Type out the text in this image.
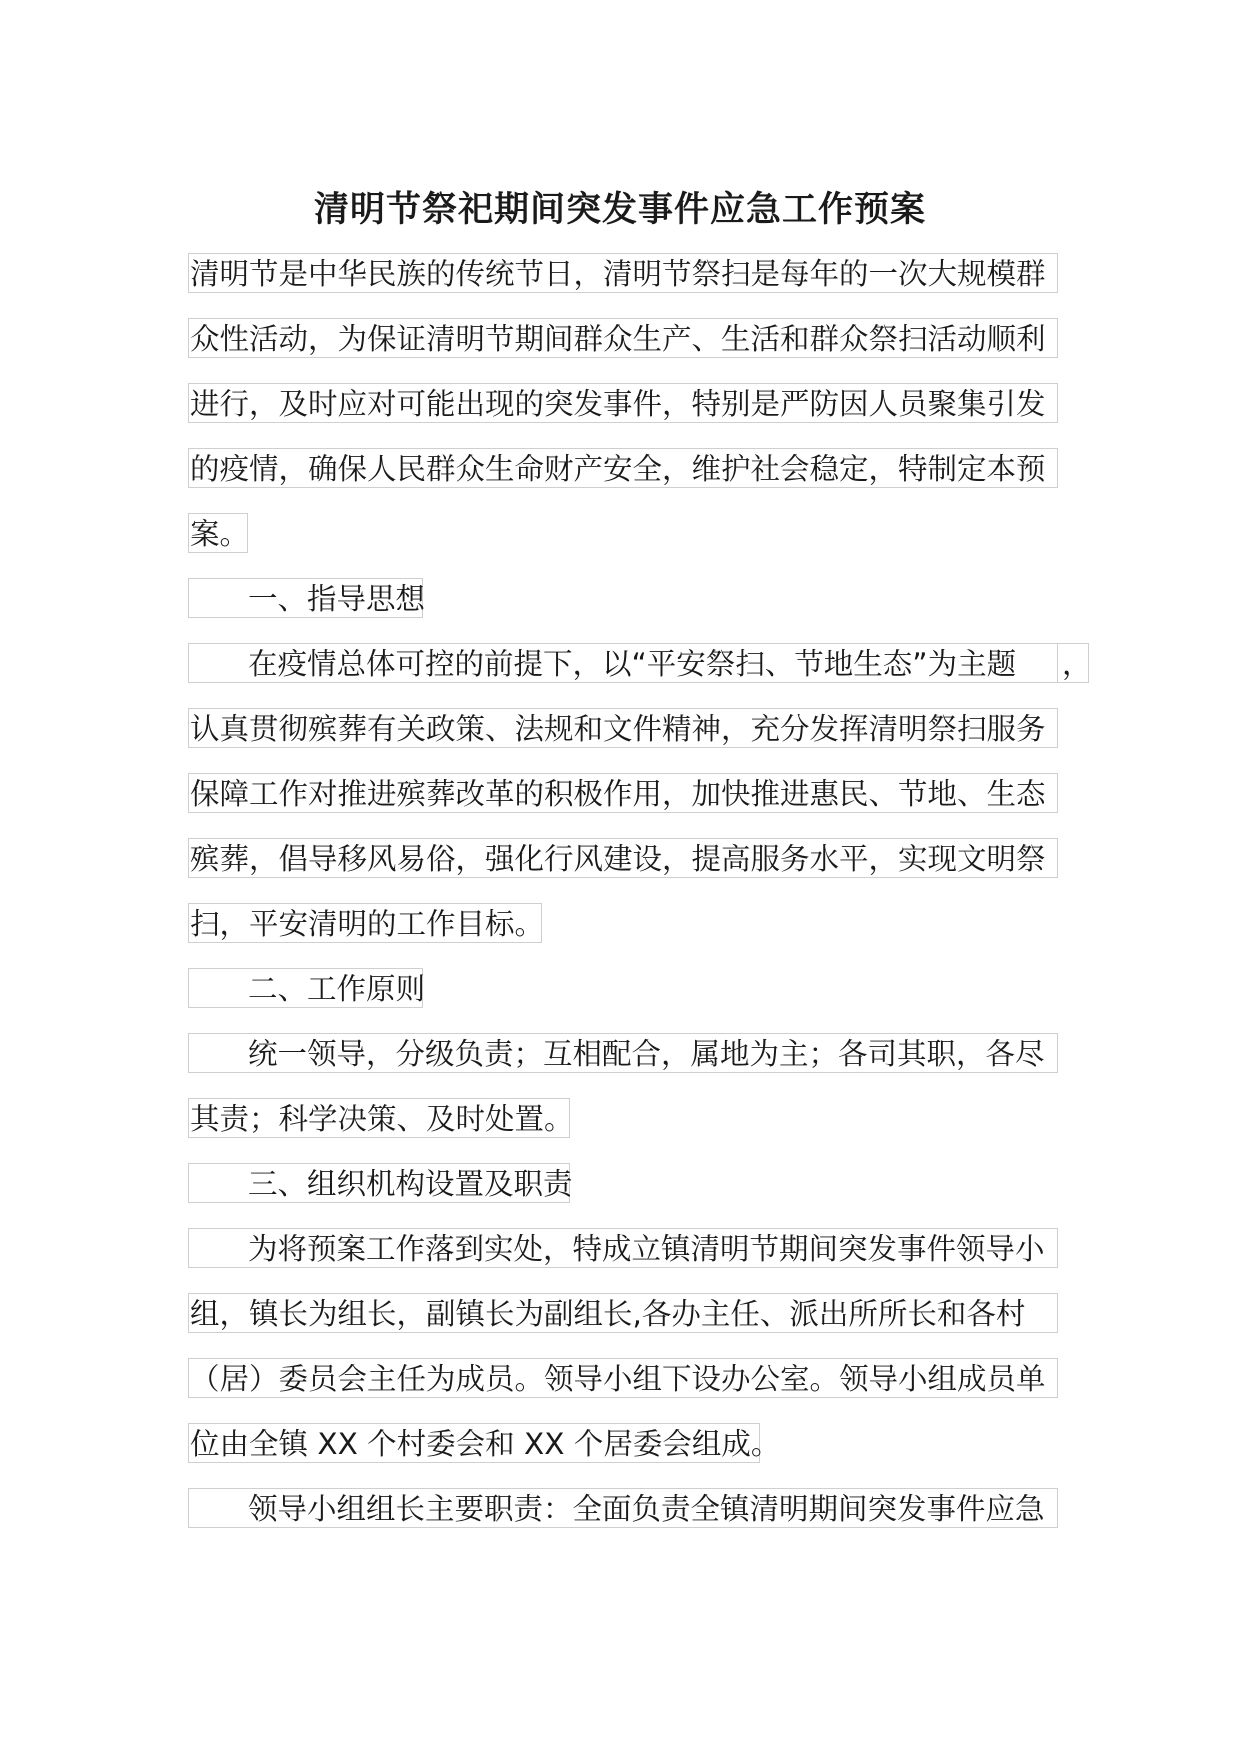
清明节祭祀期间突发事件应急工作预案
清明节是中华民族的传统节日，清明节祭扫是每年的一次大规模群
众性活动，为保证清明节期间群众生产、生活和群众祭扫活动顺利
进行，及时应对可能出现的突发事件，特别是严防因人员聚集引发
的疫情，确保人民群众生命财产安全，维护社会稳定，特制定本预
案。
一、指导思想
在疫情总体可控的前提下，以“平安祭扫、节地生态”为主题	，
认真贯彻殡葬有关政策、法规和文件精神，充分发挥清明祭扫服务
保障工作对推进殡葬改革的积极作用，加快推进惠民、节地、生态
殡葬，倡导移风易俗，强化行风建设，提高服务水平，实现文明祭
扫，平安清明的工作目标。
二、工作原则
统一领导，分级负责；互相配合，属地为主；各司其职，各尽
其责；科学决策、及时处置。
三、组织机构设置及职责
为将预案工作落到实处，特成立镇清明节期间突发事件领导小
组，镇长为组长，副镇长为副组长,各办主任、派出所所长和各村
（居）委员会主任为成员。领导小组下设办公室。领导小组成员单
位由全镇 XX 个村委会和 XX 个居委会组成。
领导小组组长主要职责：全面负责全镇清明期间突发事件应急
